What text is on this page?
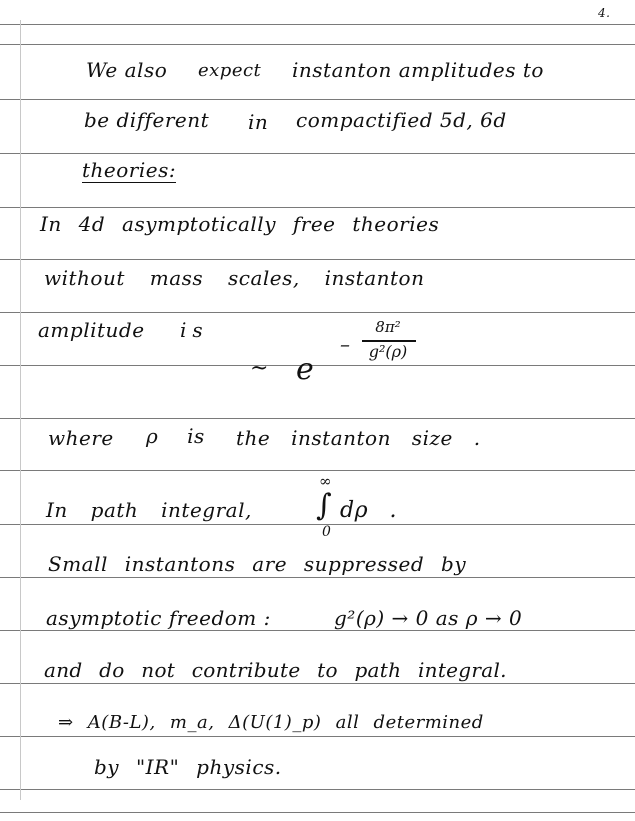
4.
We also expect instanton amplitudes to
be different in compactified 5d, 6d
theories:
In 4d asymptotically free theories
without mass scales, instanton
amplitude is
~ e
–
8π²
g²(ρ)
where ρ is the instanton size .
In path integral,
∞
∫
0
dρ .
Small instantons are suppressed by
asymptotic freedom :	g²(ρ) → 0 as ρ → 0
and do not contribute to path integral.
⇒ A(B-L), m_a, Δ(U(1)_p) all determined
by "IR" physics.
